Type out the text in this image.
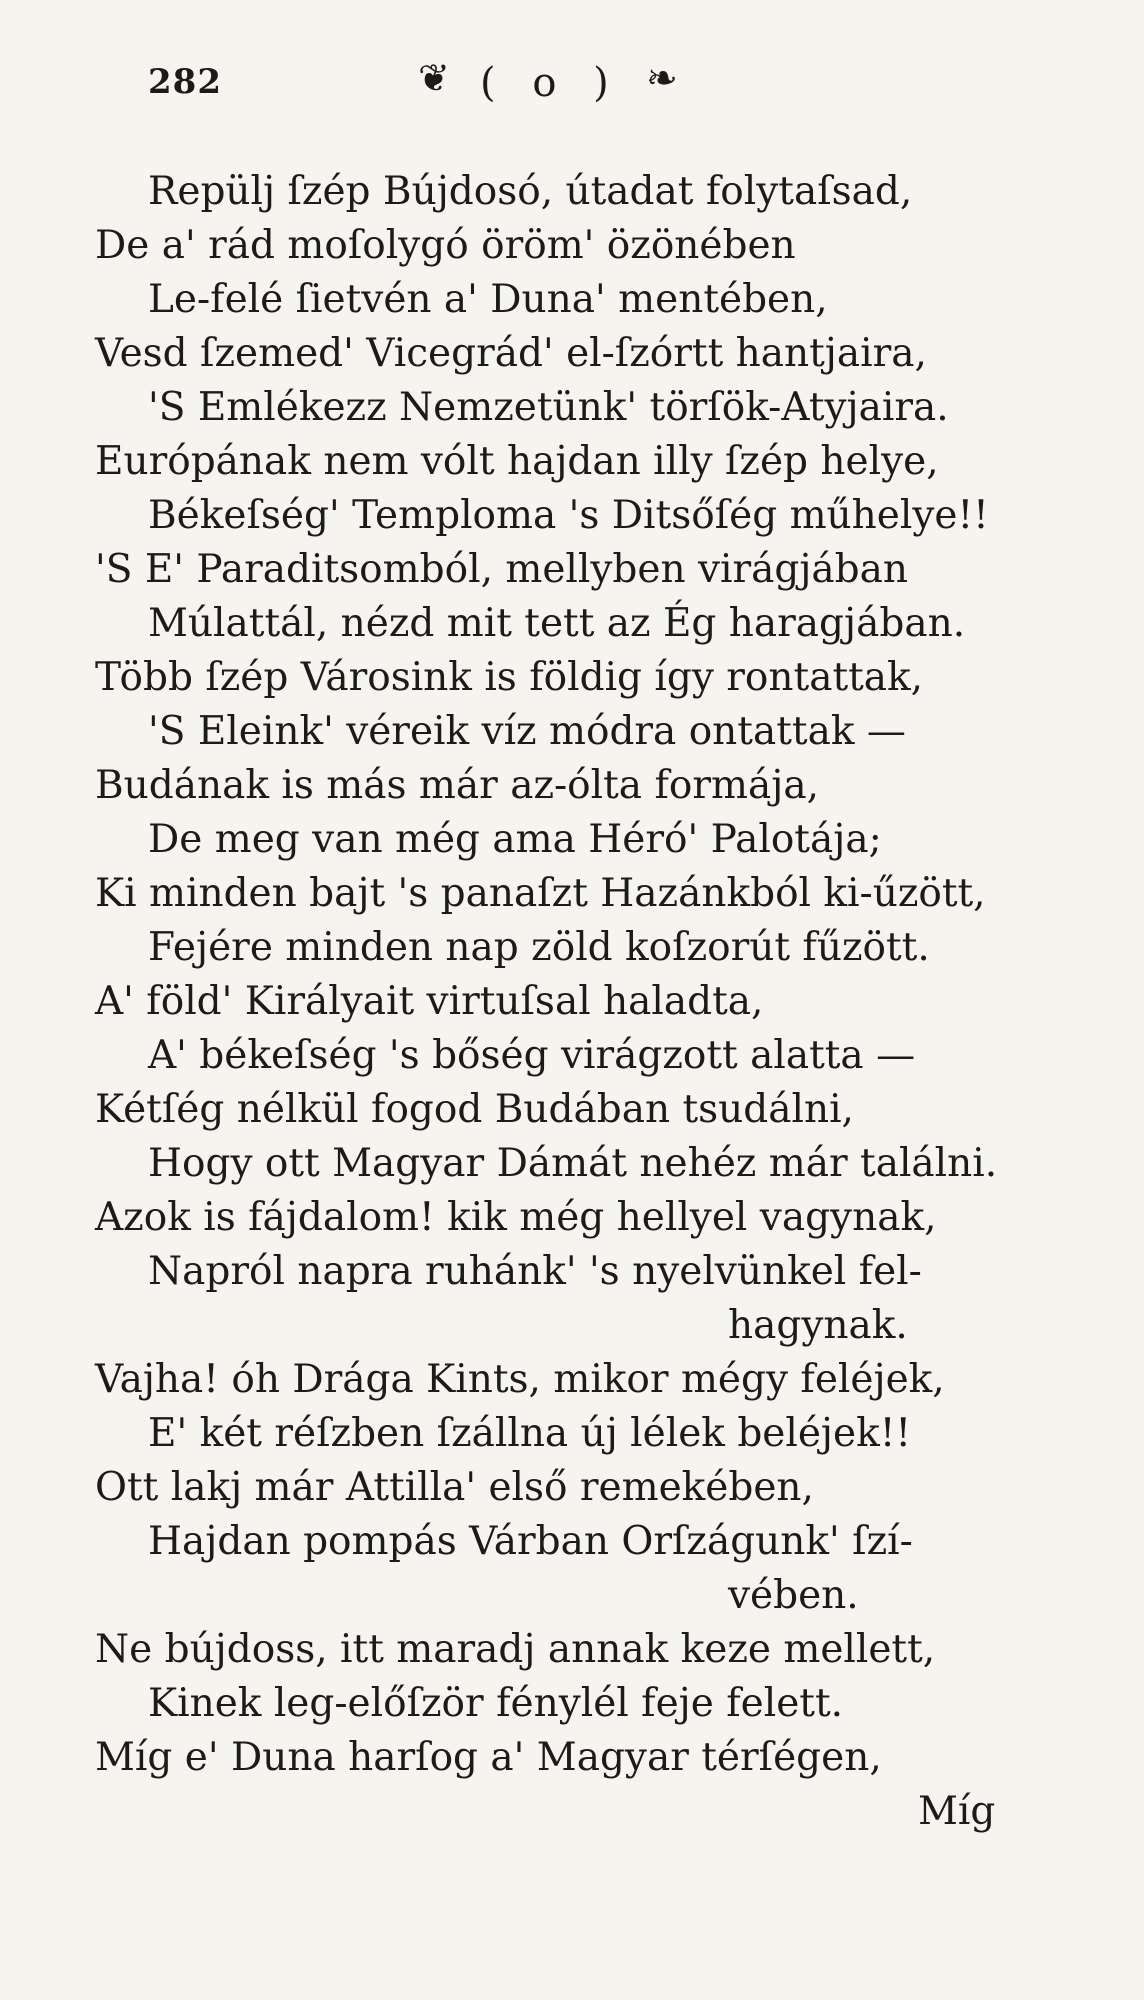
282	❦ ( o ) ❧
Repülj ſzép Bújdosó, útadat folytaſsad,
De a' rád moſolygó öröm' özönében
Le-felé ſietvén a' Duna' mentében,
Vesd ſzemed' Vicegrád' el-ſzórtt hantjaira,
'S Emlékezz Nemzetünk' törſök-Atyjaira.
Európának nem vólt hajdan illy ſzép helye,
Békeſség' Temploma 's Ditsőſég műhelye!!
'S E' Paraditsomból, mellyben virágjában
Múlattál, nézd mit tett az Ég haragjában.
Több ſzép Városink is földig így rontattak,
'S Eleink' véreik víz módra ontattak —
Budának is más már az-ólta formája,
De meg van még ama Héró' Palotája;
Ki minden bajt 's panaſzt Hazánkból ki-űzött,
Fejére minden nap zöld koſzorút fűzött.
A' föld' Királyait virtuſsal haladta,
A' békeſség 's bőség virágzott alatta —
Kétſég nélkül fogod Budában tsudálni,
Hogy ott Magyar Dámát nehéz már találni.
Azok is fájdalom! kik még hellyel vagynak,
Napról napra ruhánk' 's nyelvünkel fel-
hagynak.
Vajha! óh Drága Kints, mikor mégy feléjek,
E' két réſzben ſzállna új lélek beléjek!!
Ott lakj már Attilla' első remekében,
Hajdan pompás Várban Orſzágunk' ſzí-
vében.
Ne bújdoss, itt maradj annak keze mellett,
Kinek leg-előſzör fénylél feje felett.
Míg e' Duna harſog a' Magyar térſégen,
Míg
